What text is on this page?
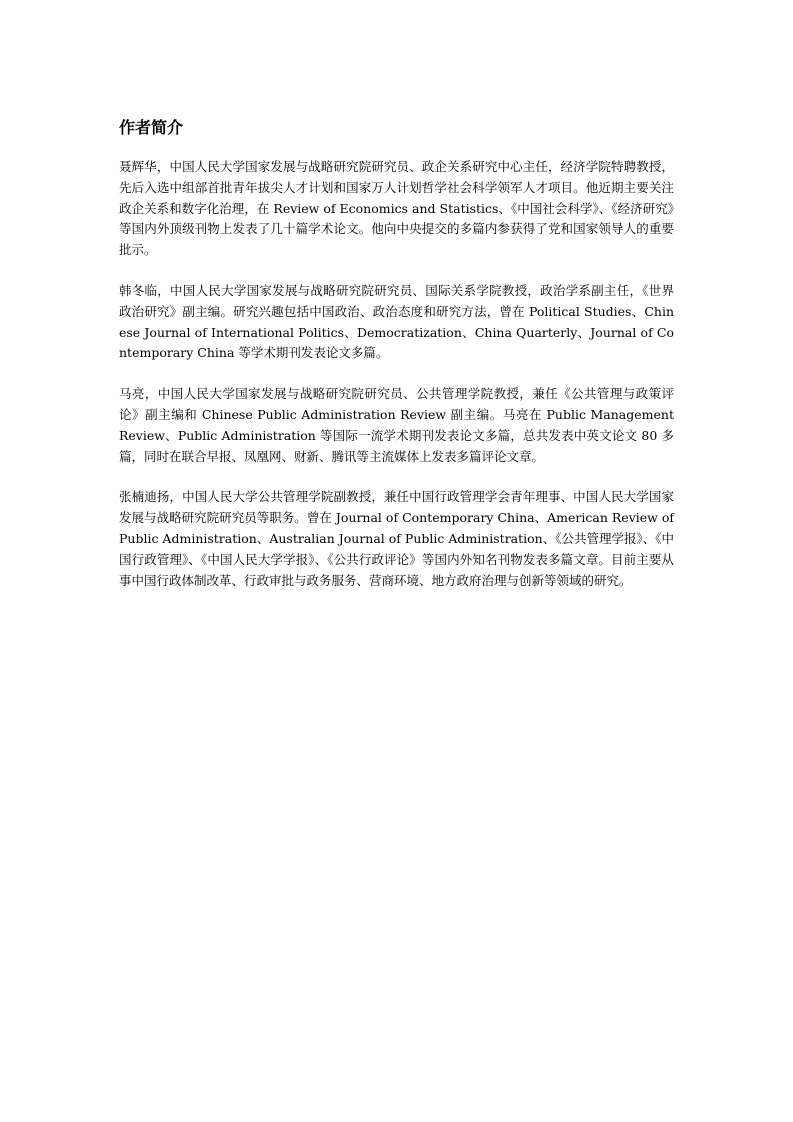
作者简介

聂辉华，中国人民大学国家发展与战略研究院研究员、政企关系研究中心主任，经济学院特聘教授，先后入选中组部首批青年拔尖人才计划和国家万人计划哲学社会科学领军人才项目。他近期主要关注政企关系和数字化治理，在 Review of Economics and Statistics、《中国社会科学》、《经济研究》等国内外顶级刊物上发表了几十篇学术论文。他向中央提交的多篇内参获得了党和国家领导人的重要批示。

韩冬临，中国人民大学国家发展与战略研究院研究员、国际关系学院教授，政治学系副主任，《世界政治研究》副主编。研究兴趣包括中国政治、政治态度和研究方法，曾在 Political Studies、Chinese Journal of International Politics、Democratization、China Quarterly、Journal of Contemporary China 等学术期刊发表论文多篇。

马亮，中国人民大学国家发展与战略研究院研究员、公共管理学院教授，兼任《公共管理与政策评论》副主编和 Chinese Public Administration Review 副主编。马亮在 Public Management Review、Public Administration 等国际一流学术期刊发表论文多篇，总共发表中英文论文 80 多篇，同时在联合早报、凤凰网、财新、腾讯等主流媒体上发表多篇评论文章。

张楠迪扬，中国人民大学公共管理学院副教授，兼任中国行政管理学会青年理事、中国人民大学国家发展与战略研究院研究员等职务。曾在 Journal of Contemporary China、American Review of Public Administration、Australian Journal of Public Administration、《公共管理学报》、《中国行政管理》、《中国人民大学学报》、《公共行政评论》等国内外知名刊物发表多篇文章。目前主要从事中国行政体制改革、行政审批与政务服务、营商环境、地方政府治理与创新等领域的研究。
